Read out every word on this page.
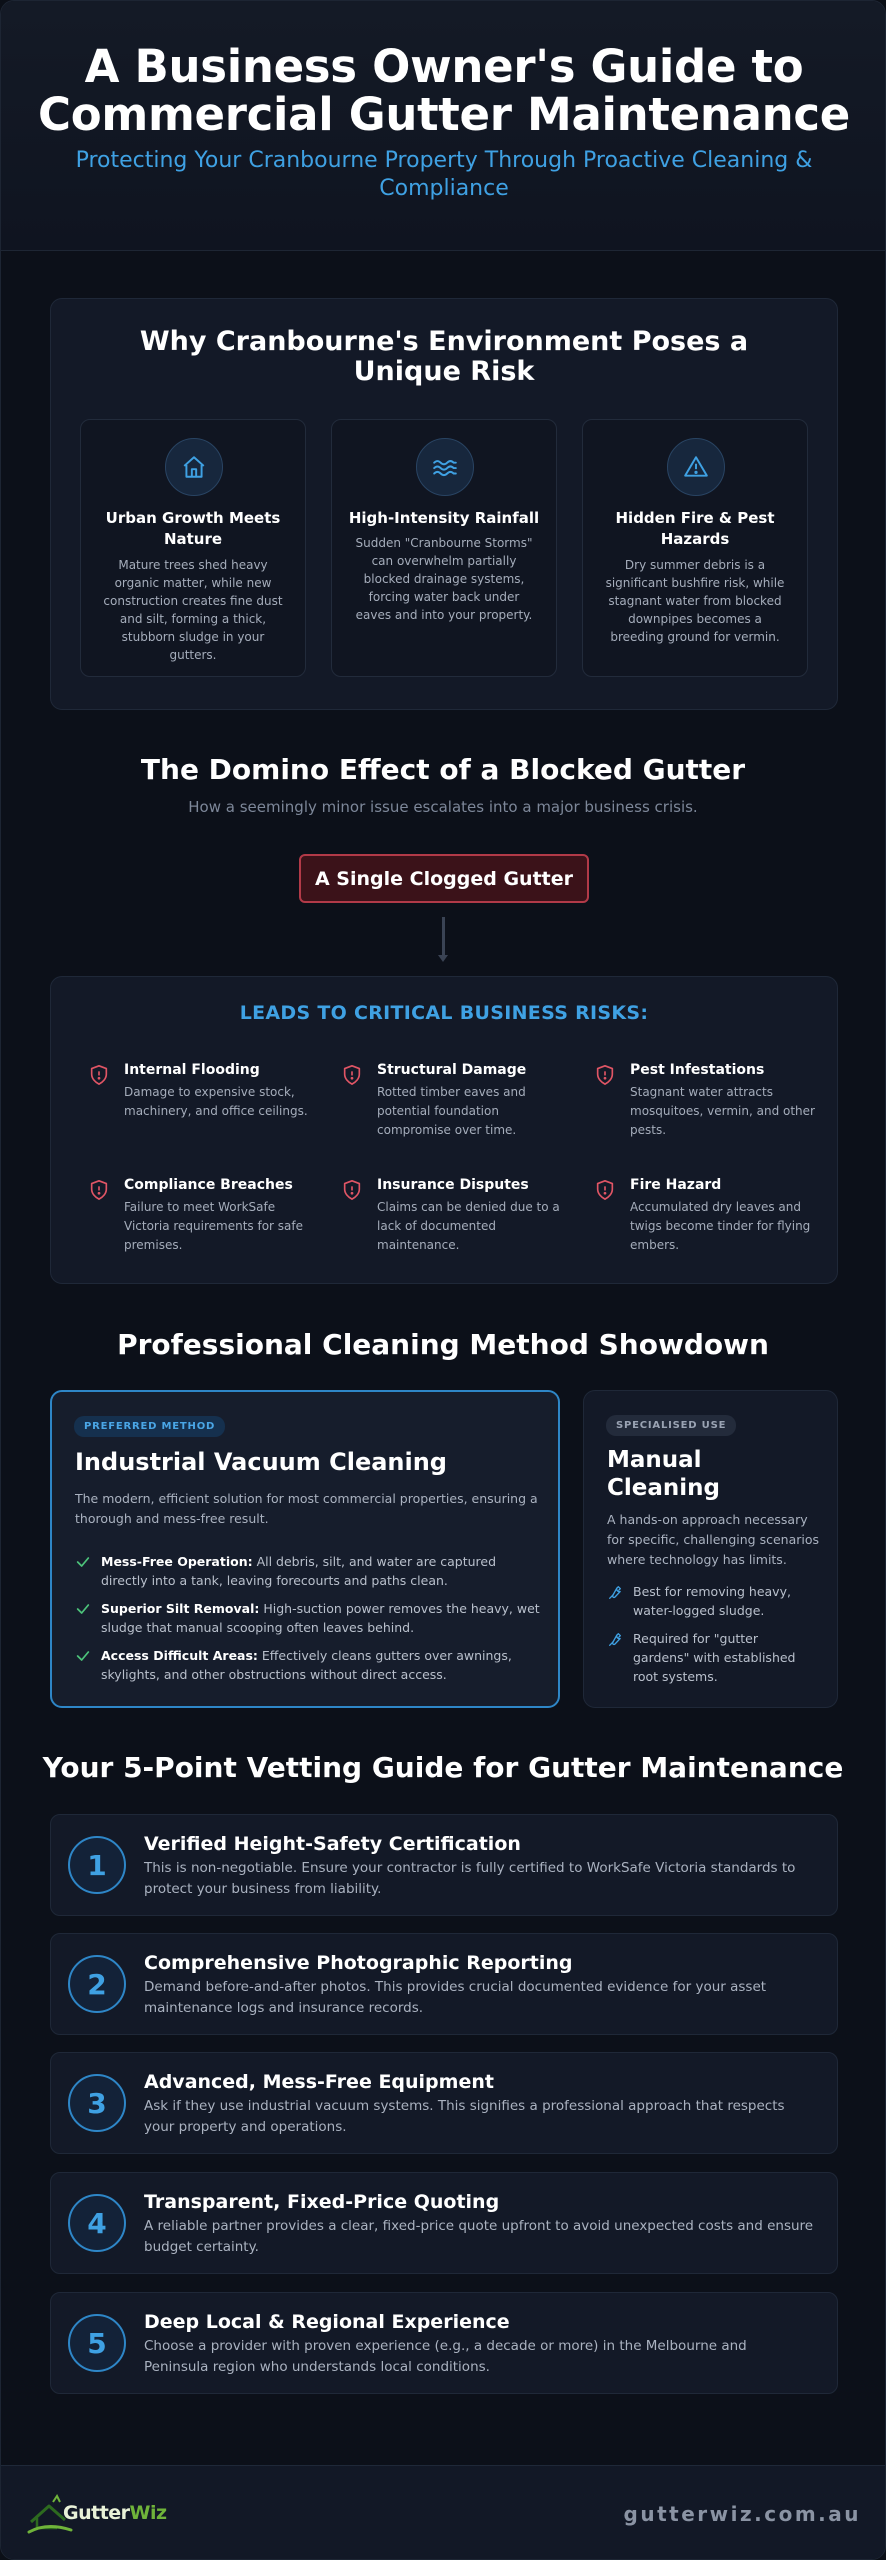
A Business Owner's Guide to Commercial Gutter Maintenance
Protecting Your Cranbourne Property Through Proactive Cleaning & Compliance
Why Cranbourne's Environment Poses a Unique Risk
Urban Growth Meets Nature

Mature trees shed heavy organic matter, while new construction creates fine dust and silt, forming a thick, stubborn sludge in your gutters.

High-Intensity Rainfall

Sudden "Cranbourne Storms" can overwhelm partially blocked drainage systems, forcing water back under eaves and into your property.

Hidden Fire & Pest Hazards

Dry summer debris is a significant bushfire risk, while stagnant water from blocked downpipes becomes a breeding ground for vermin.

The Domino Effect of a Blocked Gutter
How a seemingly minor issue escalates into a major business crisis.
A Single Clogged Gutter
LEADS TO CRITICAL BUSINESS RISKS:
Internal Flooding

Damage to expensive stock, machinery, and office ceilings.

Structural Damage

Rotted timber eaves and potential foundation compromise over time.

Pest Infestations

Stagnant water attracts mosquitoes, vermin, and other pests.

Compliance Breaches

Failure to meet WorkSafe Victoria requirements for safe premises.

Insurance Disputes

Claims can be denied due to a lack of documented maintenance.

Fire Hazard

Accumulated dry leaves and twigs become tinder for flying embers.

Professional Cleaning Method Showdown
PREFERRED METHOD
Industrial Vacuum Cleaning
The modern, efficient solution for most commercial properties, ensuring a thorough and mess-free result.
Mess-Free Operation: All debris, silt, and water are captured directly into a tank, leaving forecourts and paths clean.
Superior Silt Removal: High-suction power removes the heavy, wet sludge that manual scooping often leaves behind.
Access Difficult Areas: Effectively cleans gutters over awnings, skylights, and other obstructions without direct access.
SPECIALISED USE
Manual Cleaning
A hands-on approach necessary for specific, challenging scenarios where technology has limits.
Best for removing heavy, water-logged sludge.
Required for "gutter gardens" with established root systems.
Your 5-Point Vetting Guide for Gutter Maintenance
1
Verified Height-Safety Certification

This is non-negotiable. Ensure your contractor is fully certified to WorkSafe Victoria standards to protect your business from liability.

2
Comprehensive Photographic Reporting

Demand before-and-after photos. This provides crucial documented evidence for your asset maintenance logs and insurance records.

3
Advanced, Mess-Free Equipment

Ask if they use industrial vacuum systems. This signifies a professional approach that respects your property and operations.

4
Transparent, Fixed-Price Quoting

A reliable partner provides a clear, fixed-price quote upfront to avoid unexpected costs and ensure budget certainty.

5
Deep Local & Regional Experience

Choose a provider with proven experience (e.g., a decade or more) in the Melbourne and Peninsula region who understands local conditions.

GutterWiz	gutterwiz.com.au
